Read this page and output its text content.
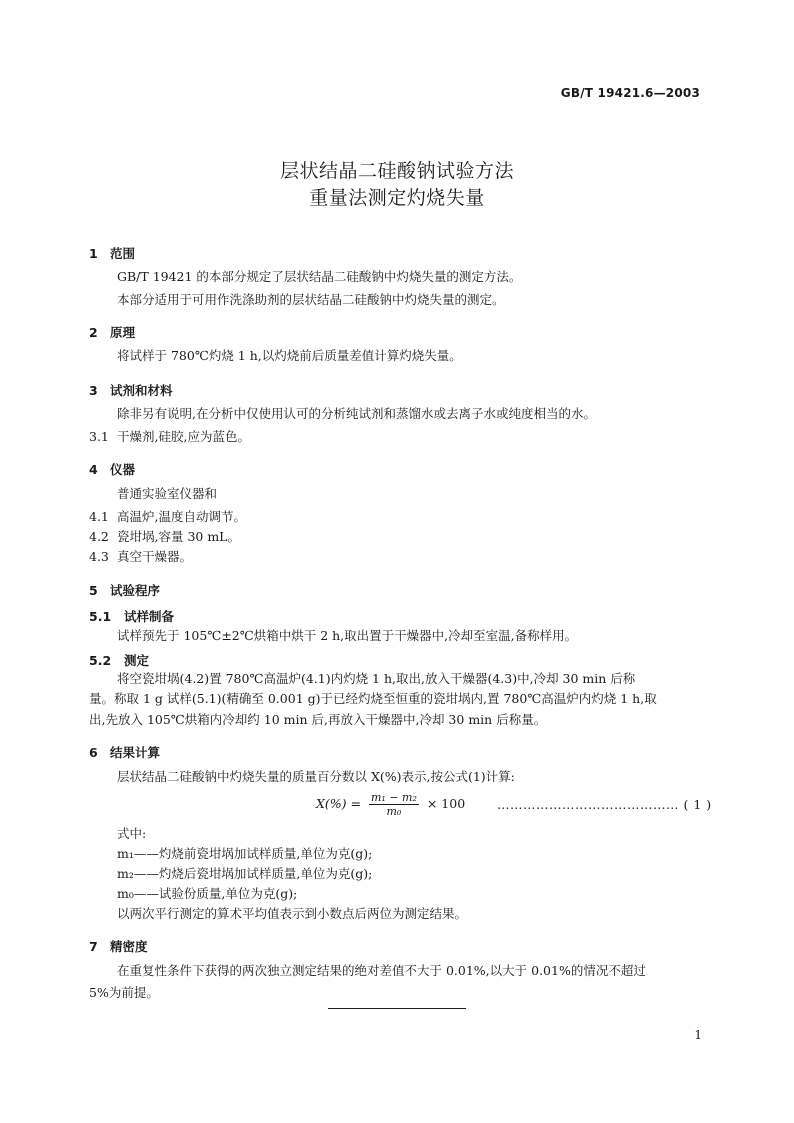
GB/T 19421.6—2003
层状结晶二硅酸钠试验方法
重量法测定灼烧失量
1 范围
GB/T 19421 的本部分规定了层状结晶二硅酸钠中灼烧失量的测定方法。
本部分适用于可用作洗涤助剂的层状结晶二硅酸钠中灼烧失量的测定。
2 原理
将试样于 780℃灼烧 1 h,以灼烧前后质量差值计算灼烧失量。
3 试剂和材料
除非另有说明,在分析中仅使用认可的分析纯试剂和蒸馏水或去离子水或纯度相当的水。
3.1 干燥剂,硅胶,应为蓝色。
4 仪器
普通实验室仪器和
4.1 高温炉,温度自动调节。
4.2 瓷坩埚,容量 30 mL。
4.3 真空干燥器。
5 试验程序
5.1 试样制备
试样预先于 105℃±2℃烘箱中烘干 2 h,取出置于干燥器中,冷却至室温,备称样用。
5.2 测定
将空瓷坩埚(4.2)置 780℃高温炉(4.1)内灼烧 1 h,取出,放入干燥器(4.3)中,冷却 30 min 后称
量。称取 1 g 试样(5.1)(精确至 0.001 g)于已经灼烧至恒重的瓷坩埚内,置 780℃高温炉内灼烧 1 h,取
出,先放入 105℃烘箱内冷却约 10 min 后,再放入干燥器中,冷却 30 min 后称量。
6 结果计算
层状结晶二硅酸钠中灼烧失量的质量百分数以 X(%)表示,按公式(1)计算:
$X(\%) = \frac{\text{m₁ − m₂}}{\text{m₀}} \times 100$	…………………………………… ( 1 )
式中:
m₁——灼烧前瓷坩埚加试样质量,单位为克(g);
m₂——灼烧后瓷坩埚加试样质量,单位为克(g);
m₀——试验份质量,单位为克(g);
以两次平行测定的算术平均值表示到小数点后两位为测定结果。
7 精密度
在重复性条件下获得的两次独立测定结果的绝对差值不大于 0.01%,以大于 0.01%的情况不超过
5%为前提。
1
